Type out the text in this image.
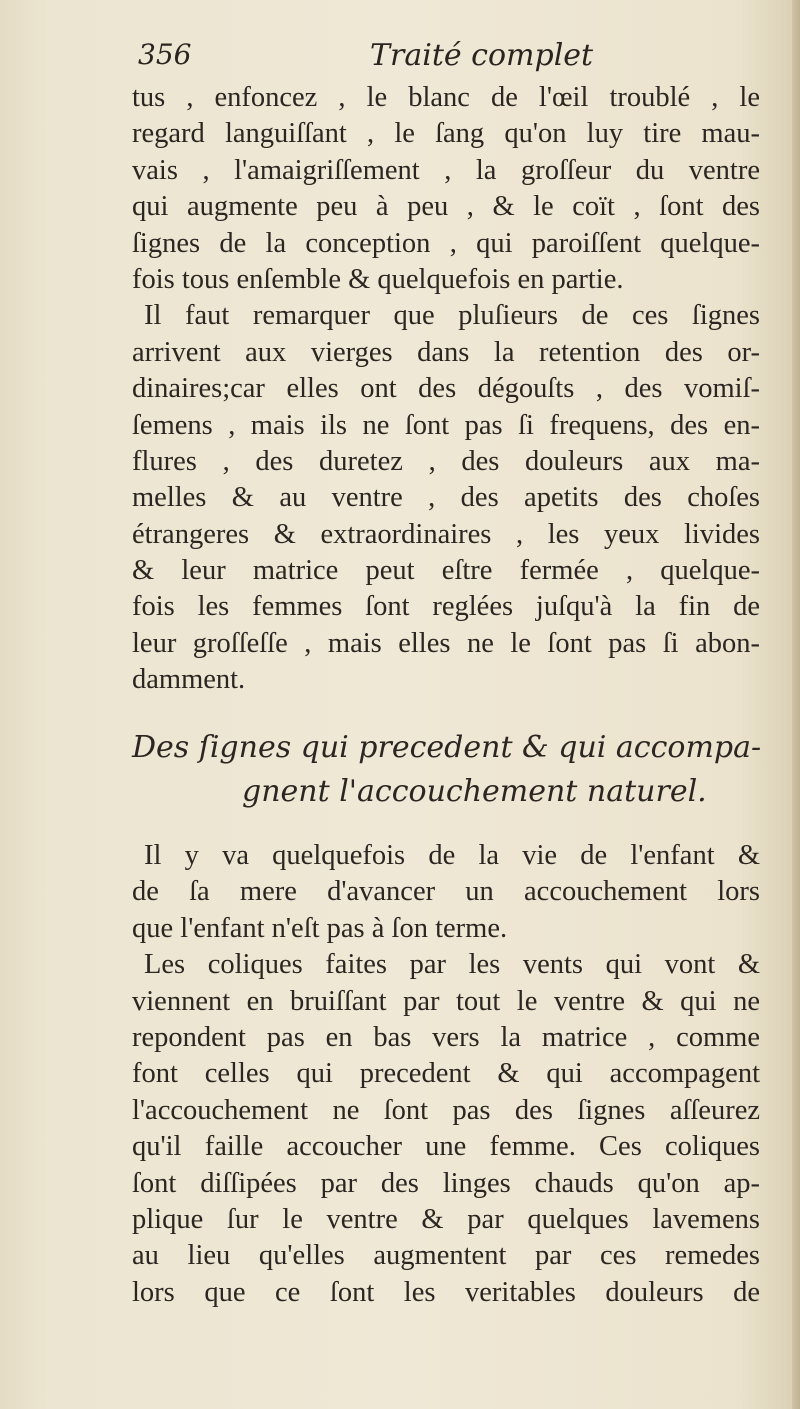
356	Traité complet
tus , enfoncez , le blanc de l'œil troublé , le
regard languiſſant , le ſang qu'on luy tire mau-
vais , l'amaigriſſement , la groſſeur du ventre
qui augmente peu à peu , & le coït , ſont des
ſignes de la conception , qui paroiſſent quelque-
fois tous enſemble & quelquefois en partie.
Il faut remarquer que pluſieurs de ces ſignes
arrivent aux vierges dans la retention des or-
dinaires;car elles ont des dégouſts , des vomiſ-
ſemens , mais ils ne ſont pas ſi frequens, des en-
flures , des duretez , des douleurs aux ma-
melles & au ventre , des apetits des choſes
étrangeres & extraordinaires , les yeux livides
& leur matrice peut eſtre fermée , quelque-
fois les femmes ſont reglées juſqu'à la fin de
leur groſſeſſe , mais elles ne le ſont pas ſi abon-
damment.
Des ſignes qui precedent & qui accompa-
gnent l'accouchement naturel.
Il y va quelquefois de la vie de l'enfant &
de ſa mere d'avancer un accouchement lors
que l'enfant n'eſt pas à ſon terme.
Les coliques faites par les vents qui vont &
viennent en bruiſſant par tout le ventre & qui ne
repondent pas en bas vers la matrice , comme
font celles qui precedent & qui accompagent
l'accouchement ne ſont pas des ſignes aſſeurez
qu'il faille accoucher une femme. Ces coliques
ſont diſſipées par des linges chauds qu'on ap-
plique ſur le ventre & par quelques lavemens
au lieu qu'elles augmentent par ces remedes
lors que ce ſont les veritables douleurs de
